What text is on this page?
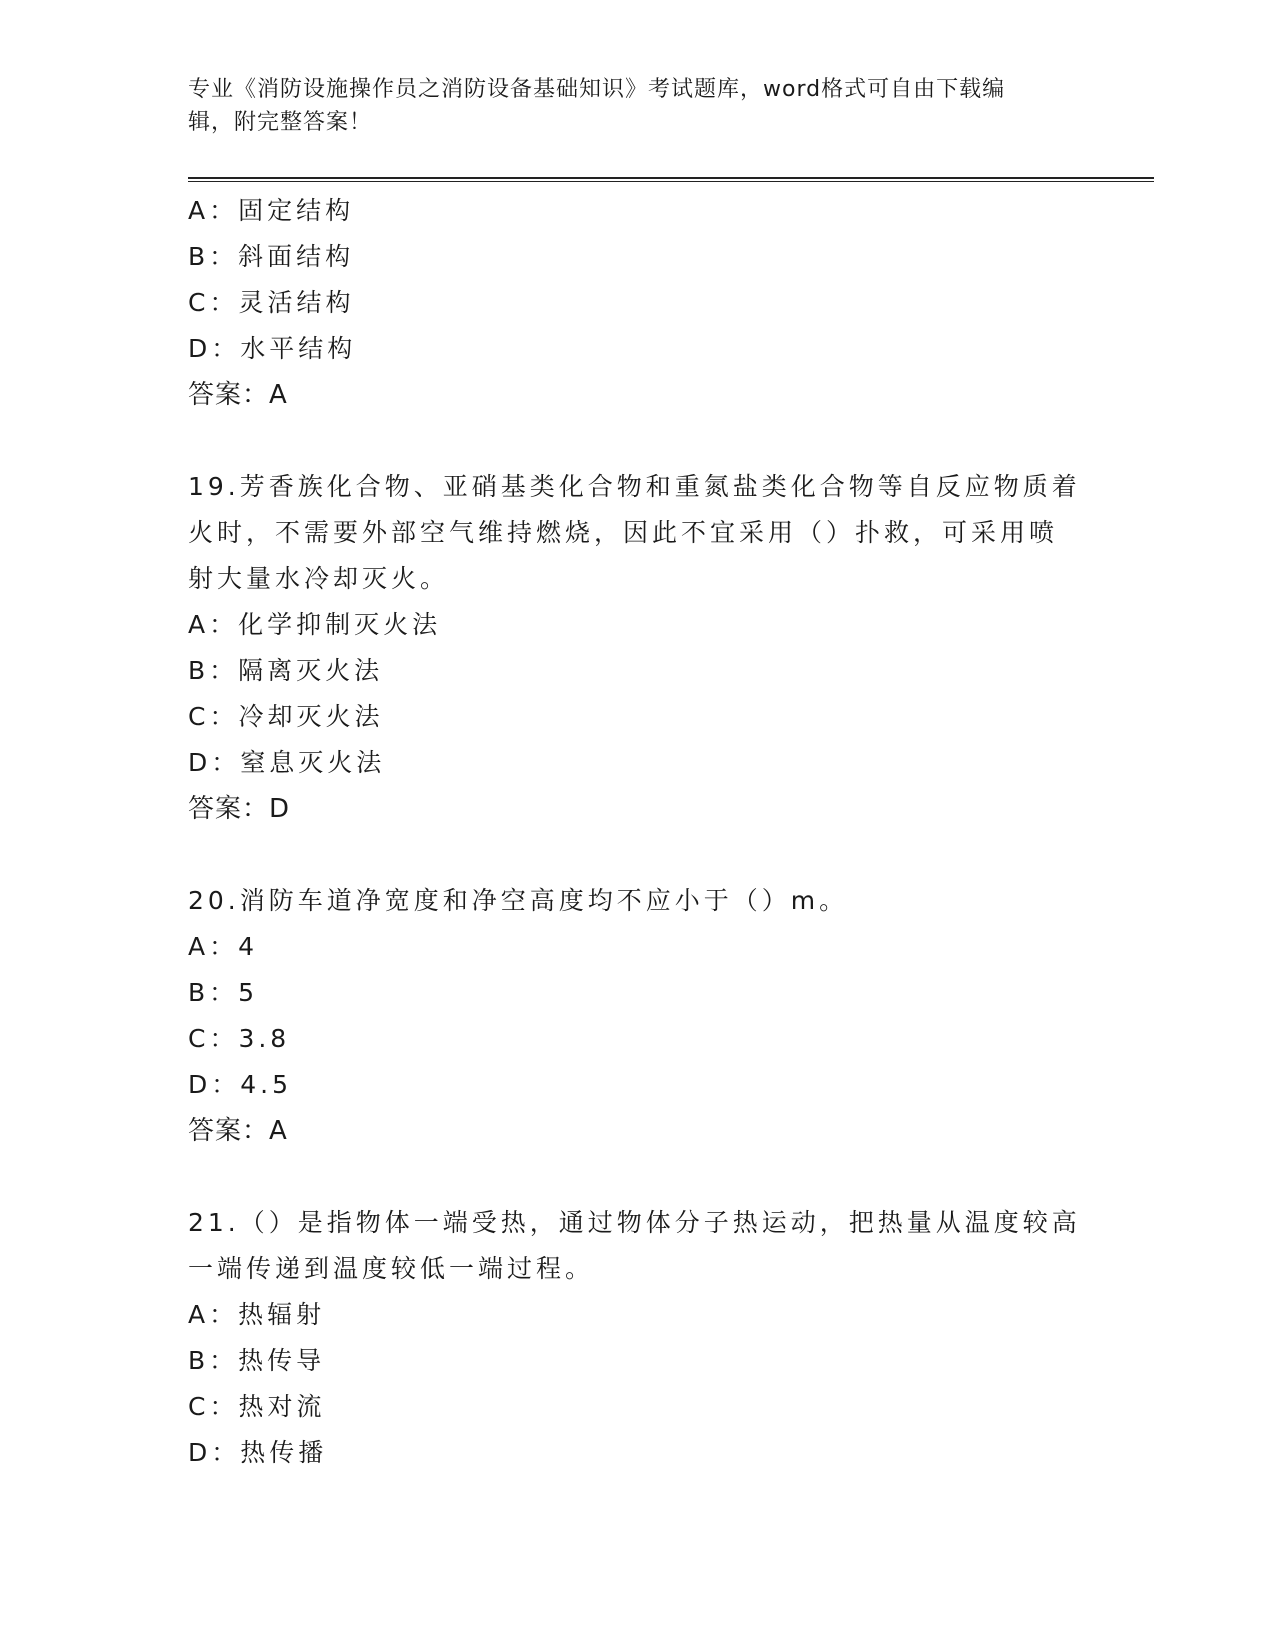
专业《消防设施操作员之消防设备基础知识》考试题库，word格式可自由下载编
辑，附完整答案！
A：固定结构
B：斜面结构
C：灵活结构
D：水平结构
答案：A
19.芳香族化合物、亚硝基类化合物和重氮盐类化合物等自反应物质着
火时，不需要外部空气维持燃烧，因此不宜采用（）扑救，可采用喷
射大量水冷却灭火。
A：化学抑制灭火法
B：隔离灭火法
C：冷却灭火法
D：窒息灭火法
答案：D
20.消防车道净宽度和净空高度均不应小于（）m。
A：4
B：5
C：3.8
D：4.5
答案：A
21.（）是指物体一端受热，通过物体分子热运动，把热量从温度较高
一端传递到温度较低一端过程。
A：热辐射
B：热传导
C：热对流
D：热传播
